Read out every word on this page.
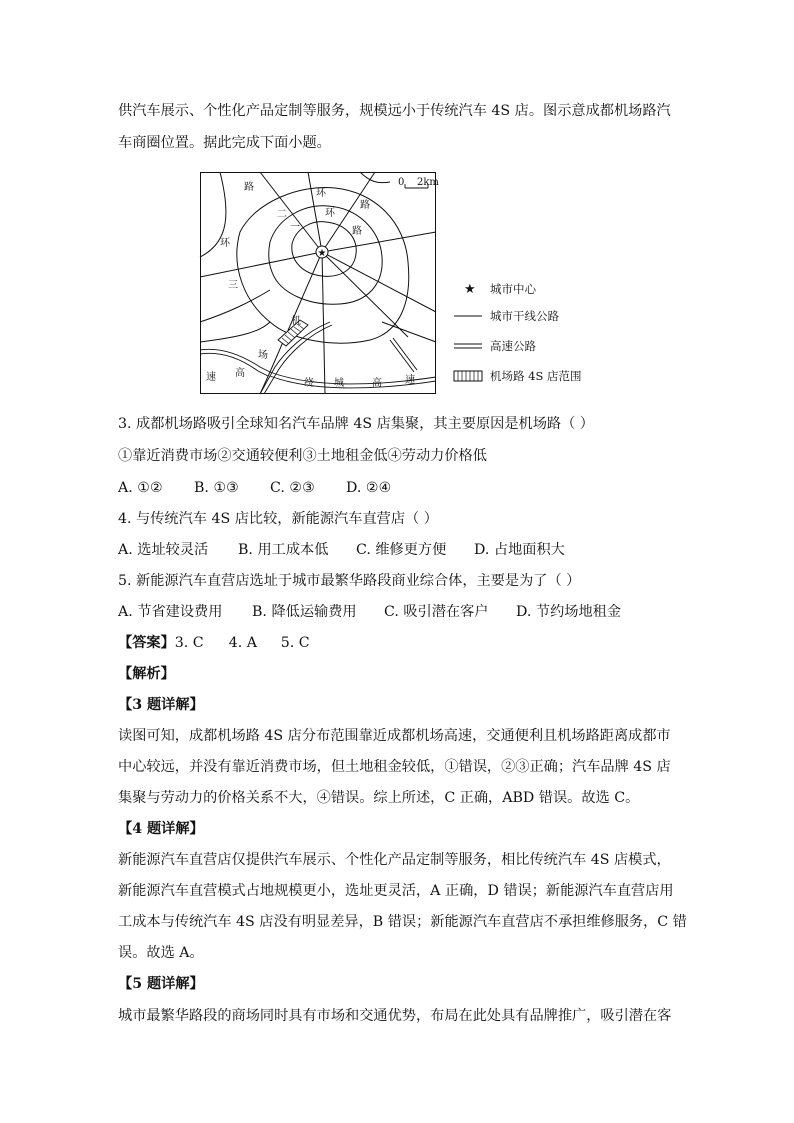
供汽车展示、个性化产品定制等服务，规模远小于传统汽车 4S 店。图示意成都机场路汽
车商圈位置。据此完成下面小题。
★
0 2km
路
环
二
一
环
路
路
环
三
机
场
速 高
绕 城	高 速
★ 城市中心
城市干线公路
高速公路
机场路 4S 店范围
3. 成都机场路吸引全球知名汽车品牌 4S 店集聚，其主要原因是机场路（ ）
①靠近消费市场②交通较便利③土地租金低④劳动力价格低
A. ①② B. ①③ C. ②③ D. ②④
4. 与传统汽车 4S 店比较，新能源汽车直营店（ ）
A. 选址较灵活 B. 用工成本低 C. 维修更方便 D. 占地面积大
5. 新能源汽车直营店选址于城市最繁华路段商业综合体，主要是为了（ ）
A. 节省建设费用 B. 降低运输费用 C. 吸引潜在客户 D. 节约场地租金
【答案】3. C 4. A 5. C
【解析】
【3 题详解】
读图可知，成都机场路 4S 店分布范围靠近成都机场高速，交通便利且机场路距离成都市
中心较远，并没有靠近消费市场，但土地租金较低，①错误，②③正确；汽车品牌 4S 店
集聚与劳动力的价格关系不大，④错误。综上所述，C 正确，ABD 错误。故选 C。
【4 题详解】
新能源汽车直营店仅提供汽车展示、个性化产品定制等服务，相比传统汽车 4S 店模式，
新能源汽车直营模式占地规模更小，选址更灵活，A 正确，D 错误；新能源汽车直营店用
工成本与传统汽车 4S 店没有明显差异，B 错误；新能源汽车直营店不承担维修服务，C 错
误。故选 A。
【5 题详解】
城市最繁华路段的商场同时具有市场和交通优势，布局在此处具有品牌推广，吸引潜在客
